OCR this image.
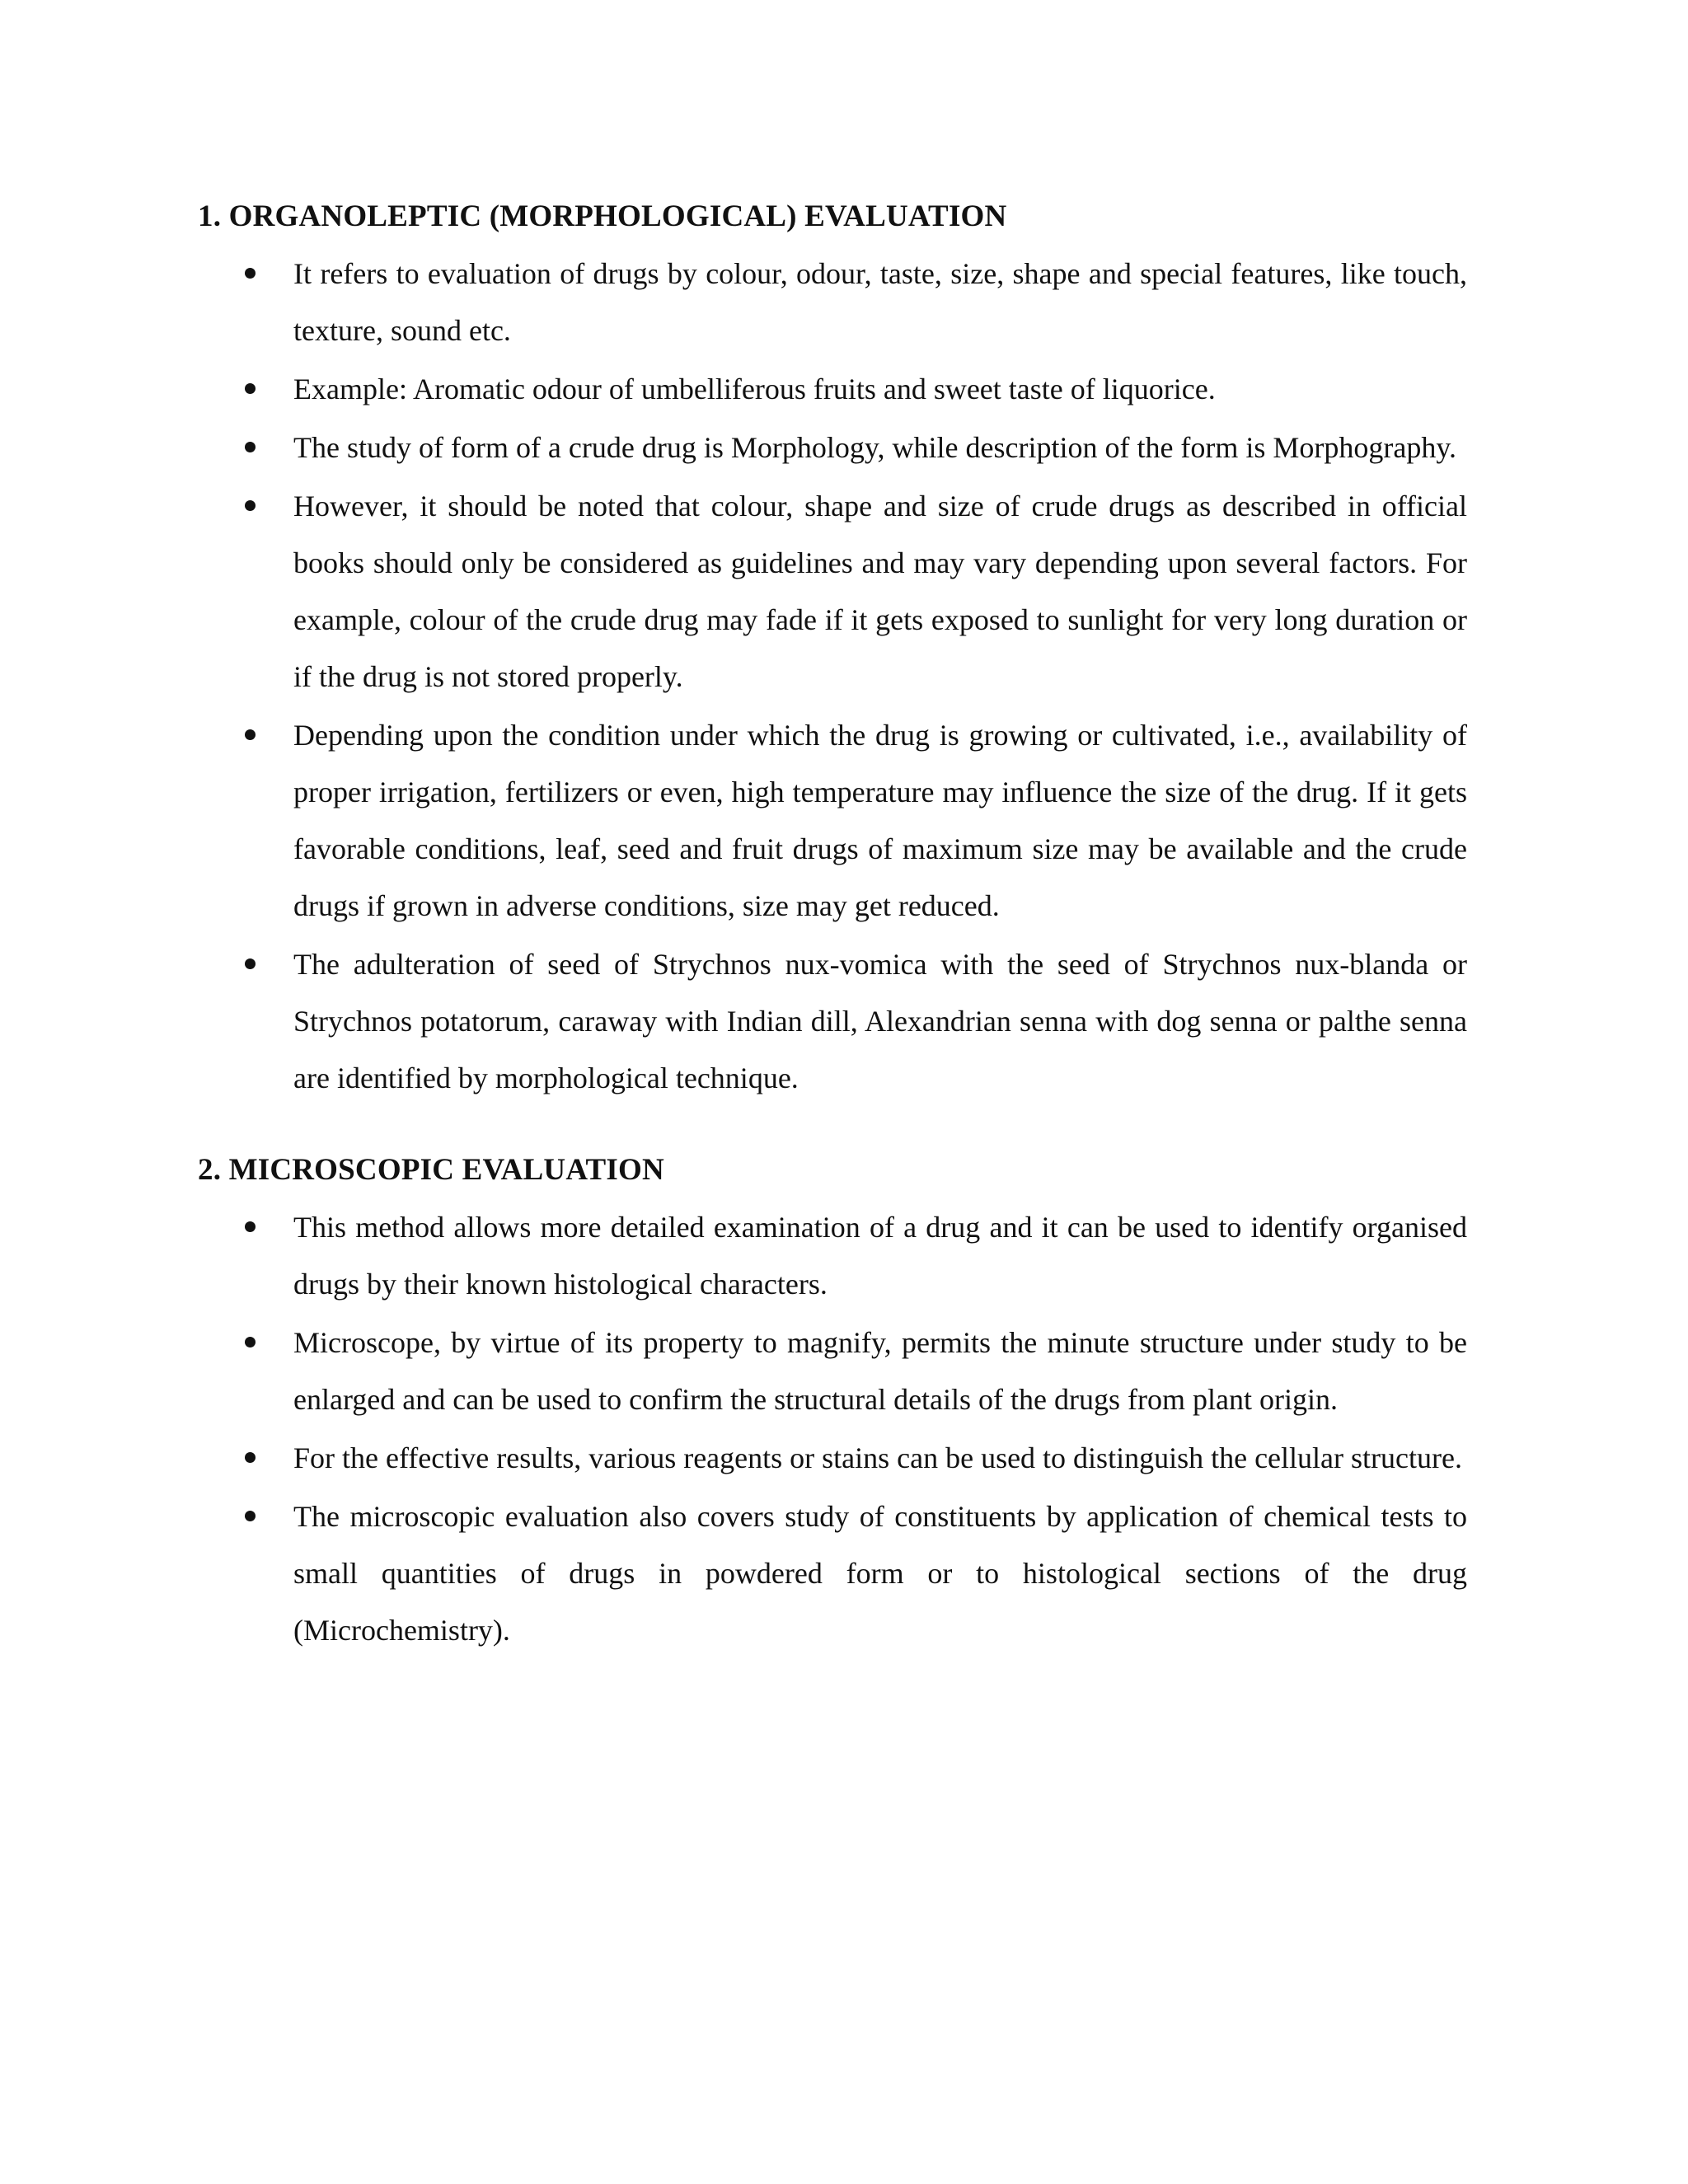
1. ORGANOLEPTIC (MORPHOLOGICAL) EVALUATION
It refers to evaluation of drugs by colour, odour, taste, size, shape and special features, like touch, texture, sound etc.
Example: Aromatic odour of umbelliferous fruits and sweet taste of liquorice.
The study of form of a crude drug is Morphology, while description of the form is Morphography.
However, it should be noted that colour, shape and size of crude drugs as described in official books should only be considered as guidelines and may vary depending upon several factors. For example, colour of the crude drug may fade if it gets exposed to sunlight for very long duration or if the drug is not stored properly.
Depending upon the condition under which the drug is growing or cultivated, i.e., availability of proper irrigation, fertilizers or even, high temperature may influence the size of the drug. If it gets favorable conditions, leaf, seed and fruit drugs of maximum size may be available and the crude drugs if grown in adverse conditions, size may get reduced.
The adulteration of seed of Strychnos nux-vomica with the seed of Strychnos nux-blanda or Strychnos potatorum, caraway with Indian dill, Alexandrian senna with dog senna or palthe senna are identified by morphological technique.
2. MICROSCOPIC EVALUATION
This method allows more detailed examination of a drug and it can be used to identify organised drugs by their known histological characters.
Microscope, by virtue of its property to magnify, permits the minute structure under study to be enlarged and can be used to confirm the structural details of the drugs from plant origin.
For the effective results, various reagents or stains can be used to distinguish the cellular structure.
The microscopic evaluation also covers study of constituents by application of chemical tests to small quantities of drugs in powdered form or to histological sections of the drug (Microchemistry).
